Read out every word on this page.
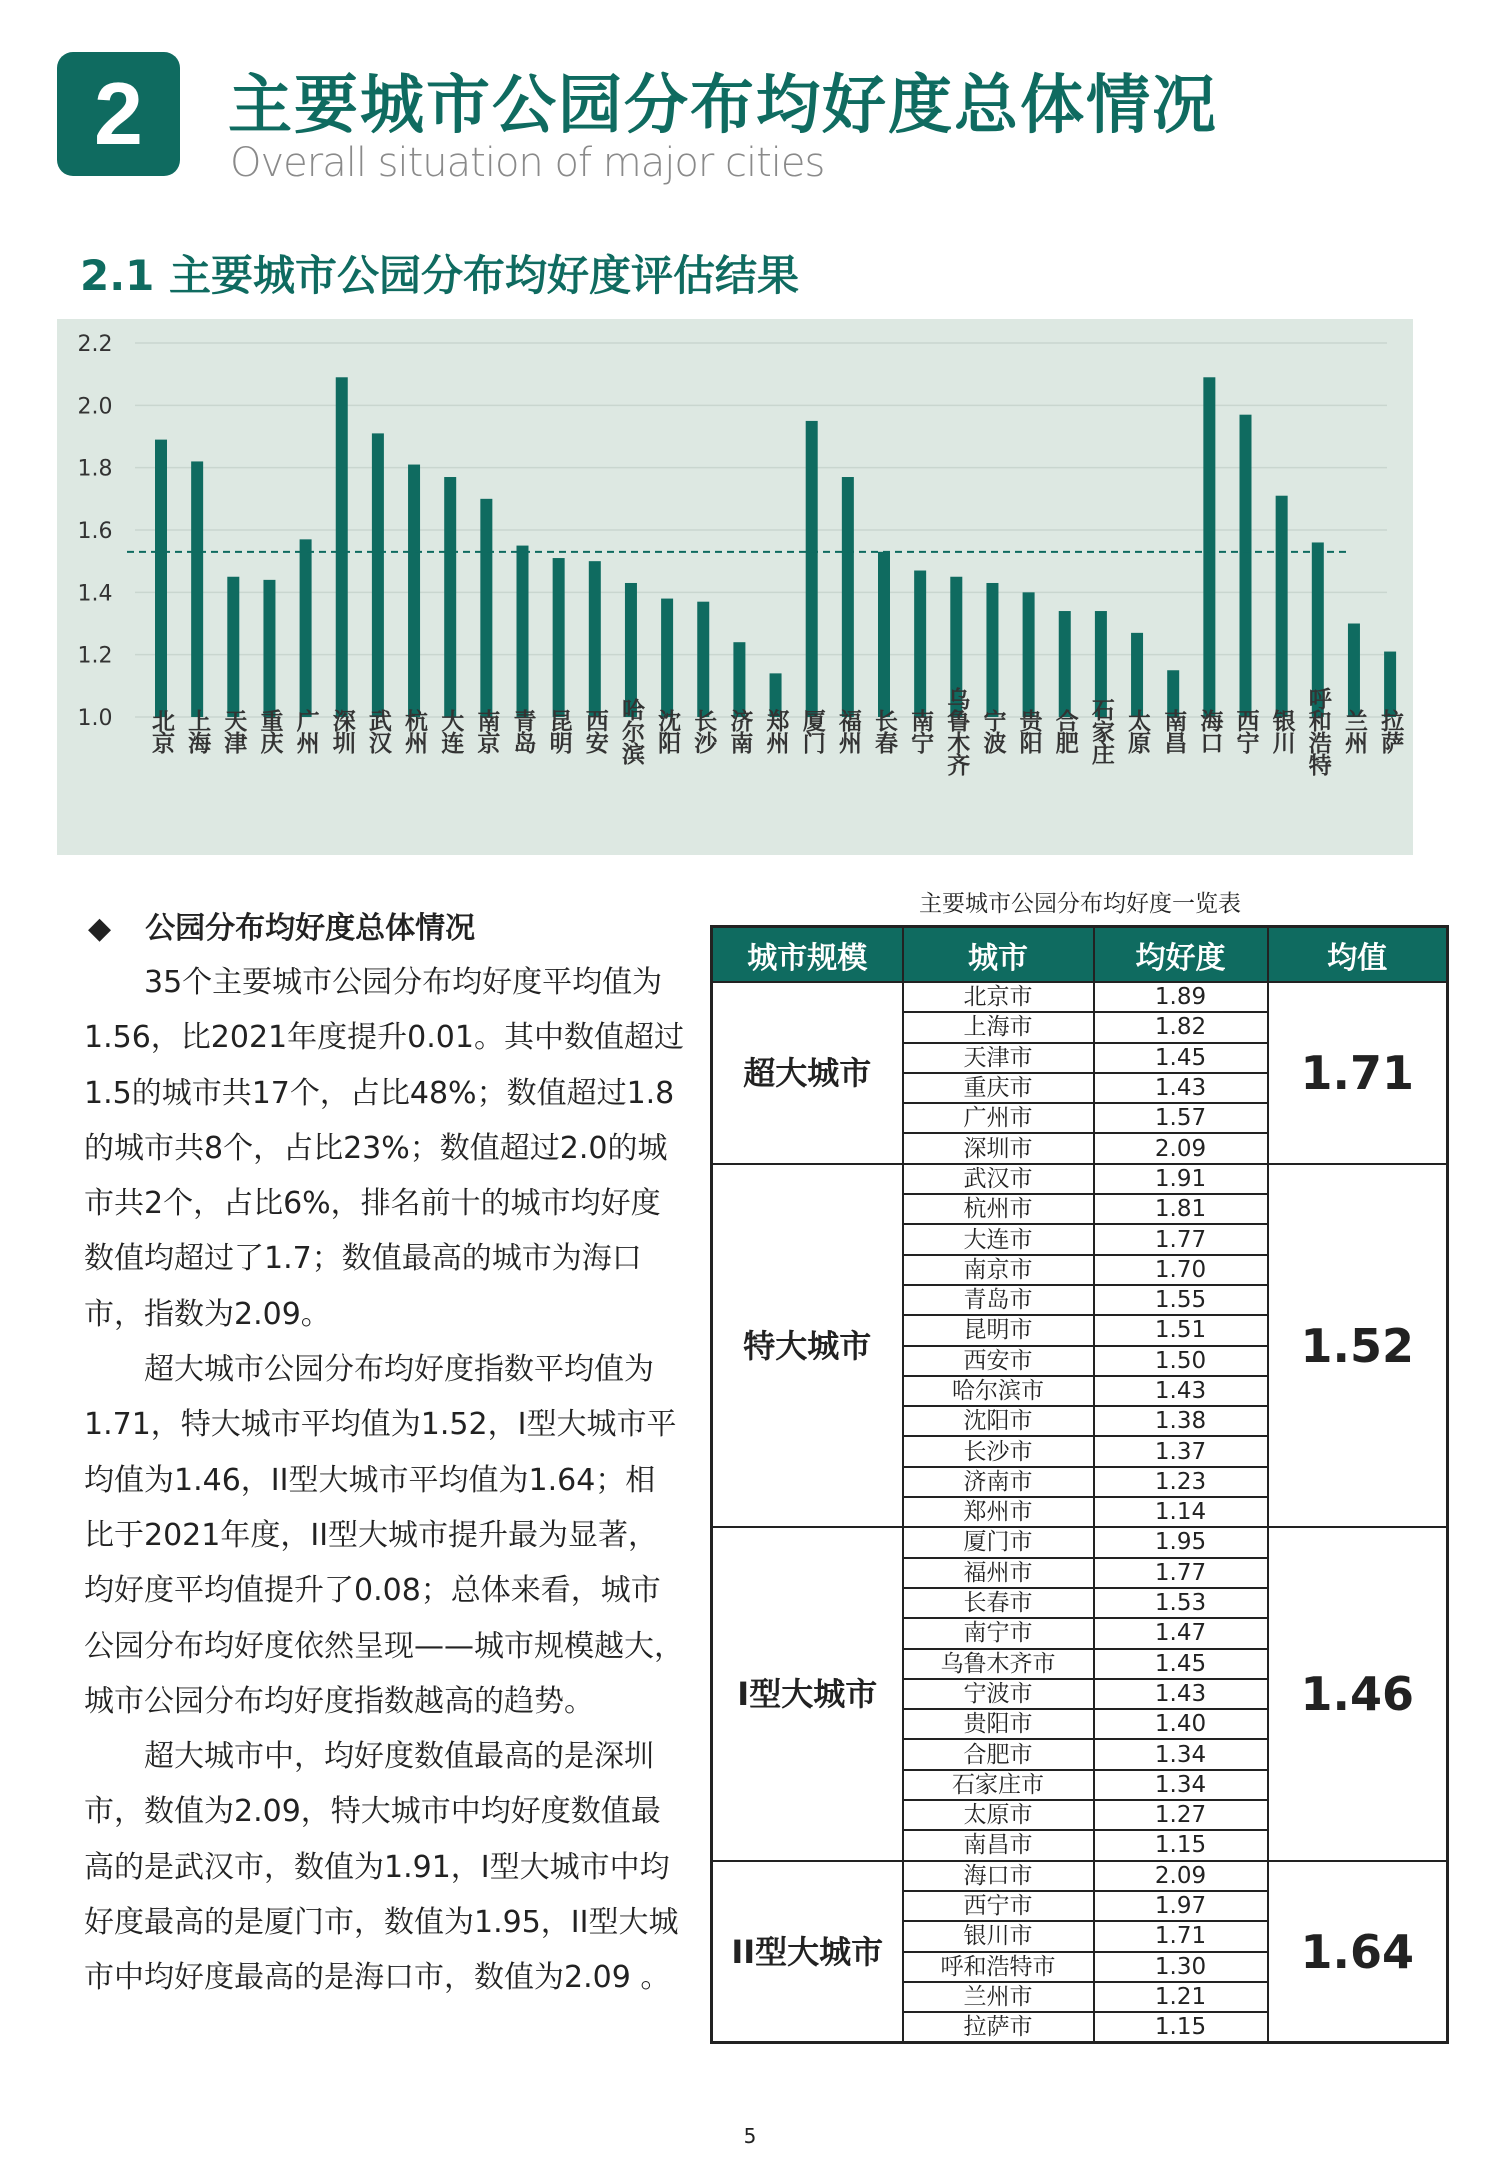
2	主要城市公园分布均好度总体情况
Overall situation of major cities
2.1 主要城市公园分布均好度评估结果
1.0
1.2
1.4
1.6
1.8
2.0
2.2
北京 上海 天津 重庆 广州 深圳 武汉 杭州 大连 南京 青岛 昆明 西安 哈尔滨 沈阳 长沙 济南 郑州 厦门 福州 长春 南宁 乌鲁木齐 宁波 贵阳 合肥 石家庄 太原 南昌 海口 西宁 银川 呼和浩特 兰州 拉萨
◆ 公园分布均好度总体情况

35个主要城市公园分布均好度平均值为1.56，比2021年度提升0.01。其中数值超过1.5的城市共17个，占比48%；数值超过1.8的城市共8个，占比23%；数值超过2.0的城市共2个，占比6%，排名前十的城市均好度数值均超过了1.7；数值最高的城市为海口市，指数为2.09。

超大城市公园分布均好度指数平均值为1.71，特大城市平均值为1.52，I型大城市平均值为1.46，II型大城市平均值为1.64；相比于2021年度，II型大城市提升最为显著，均好度平均值提升了0.08；总体来看，城市公园分布均好度依然呈现——城市规模越大，城市公园分布均好度指数越高的趋势。

超大城市中，均好度数值最高的是深圳市，数值为2.09，特大城市中均好度数值最高的是武汉市，数值为1.91，I型大城市中均好度最高的是厦门市，数值为1.95，II型大城市中均好度最高的是海口市，数值为2.09 。

主要城市公园分布均好度一览表
城市规模	城市	均好度	均值
超大城市	北京市	1.89	1.71
	上海市	1.82	
	天津市	1.45	
	重庆市	1.43	
	广州市	1.57	
	深圳市	2.09	
特大城市	武汉市	1.91	1.52
	杭州市	1.81	
	大连市	1.77	
	南京市	1.70	
	青岛市	1.55	
	昆明市	1.51	
	西安市	1.50	
	哈尔滨市	1.43	
	沈阳市	1.38	
	长沙市	1.37	
	济南市	1.23	
	郑州市	1.14	
I型大城市	厦门市	1.95	1.46
	福州市	1.77	
	长春市	1.53	
	南宁市	1.47	
	乌鲁木齐市	1.45	
	宁波市	1.43	
	贵阳市	1.40	
	合肥市	1.34	
	石家庄市	1.34	
	太原市	1.27	
	南昌市	1.15	
II型大城市	海口市	2.09	1.64
	西宁市	1.97	
	银川市	1.71	
	呼和浩特市	1.30	
	兰州市	1.21	
	拉萨市	1.15	
5
